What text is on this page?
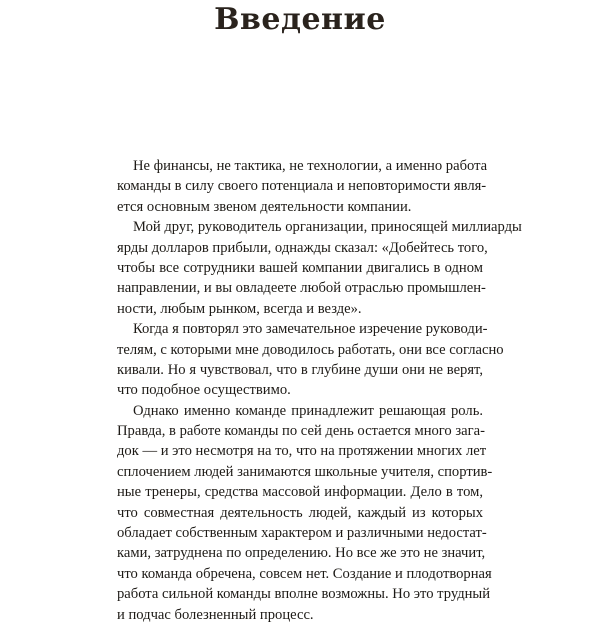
Введение
Не финансы, не тактика, не технологии, а именно работа
команды в силу своего потенциала и неповторимости явля-
ется основным звеном деятельности компании.
Мой друг, руководитель организации, приносящей миллиарды
ярды долларов прибыли, однажды сказал: «Добейтесь того,
чтобы все сотрудники вашей компании двигались в одном
направлении, и вы овладеете любой отраслью промышлен-
ности, любым рынком, всегда и везде».
Когда я повторял это замечательное изречение руководи-
телям, с которыми мне доводилось работать, они все согласно
кивали. Но я чувствовал, что в глубине души они не верят,
что подобное осуществимо.
Однако именно команде принадлежит решающая роль.
Правда, в работе команды по сей день остается много зага-
док — и это несмотря на то, что на протяжении многих лет
сплочением людей занимаются школьные учителя, спортив-
ные тренеры, средства массовой информации. Дело в том,
что совместная деятельность людей, каждый из которых
обладает собственным характером и различными недостат-
ками, затруднена по определению. Но все же это не значит,
что команда обречена, совсем нет. Создание и плодотворная
работа сильной команды вполне возможны. Но это трудный
и подчас болезненный процесс.
